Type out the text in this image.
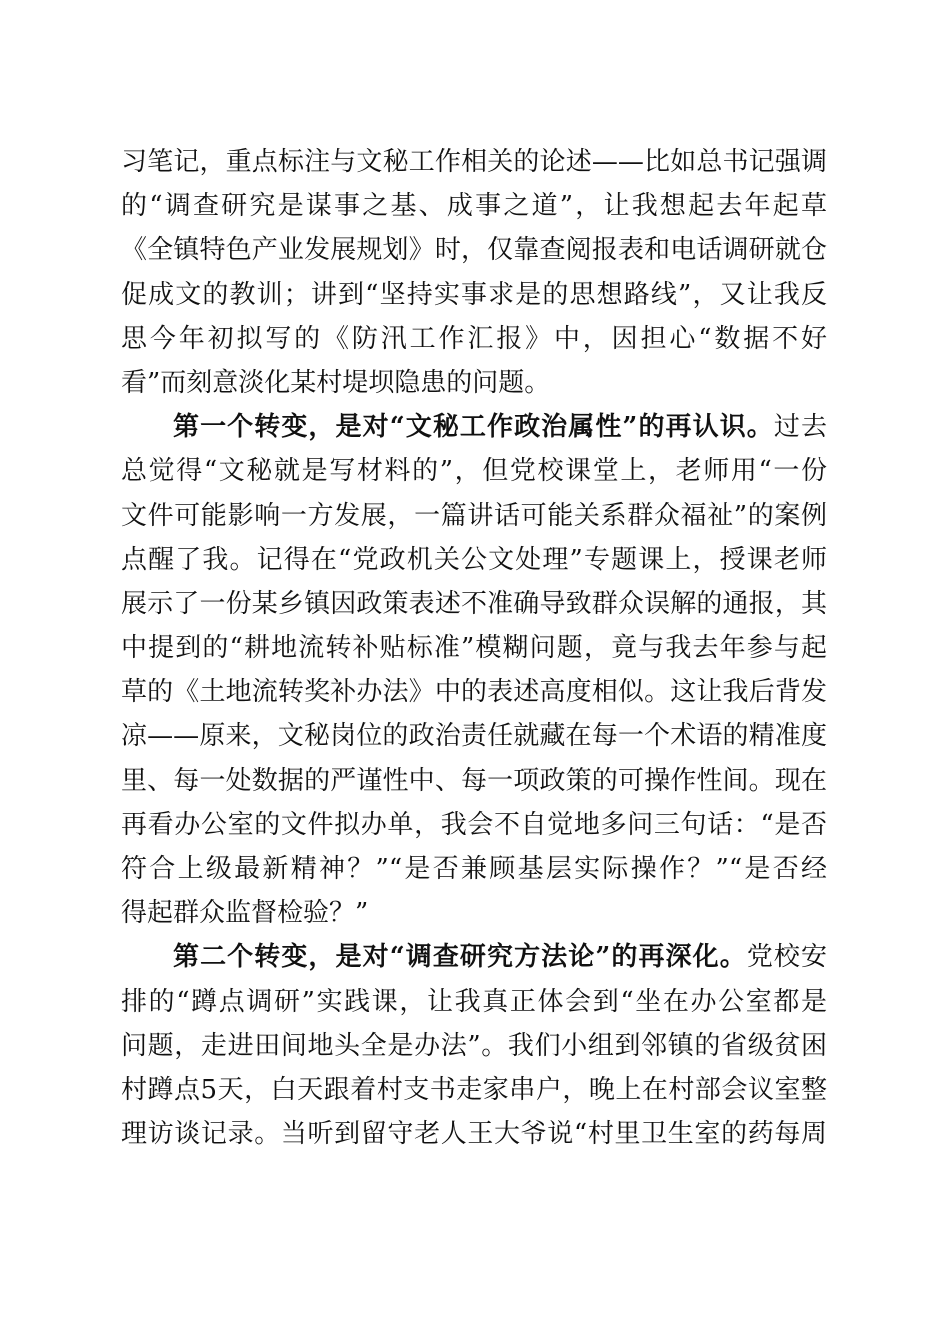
习笔记，重点标注与文秘工作相关的论述——比如总书记强调
的“调查研究是谋事之基、成事之道”，让我想起去年起草
《全镇特色产业发展规划》时，仅靠查阅报表和电话调研就仓
促成文的教训；讲到“坚持实事求是的思想路线”，又让我反
思今年初拟写的《防汛工作汇报》中，因担心“数据不好
看”而刻意淡化某村堤坝隐患的问题。
第一个转变，是对“文秘工作政治属性”的再认识。过去
总觉得“文秘就是写材料的”，但党校课堂上，老师用“一份
文件可能影响一方发展，一篇讲话可能关系群众福祉”的案例
点醒了我。记得在“党政机关公文处理”专题课上，授课老师
展示了一份某乡镇因政策表述不准确导致群众误解的通报，其
中提到的“耕地流转补贴标准”模糊问题，竟与我去年参与起
草的《土地流转奖补办法》中的表述高度相似。这让我后背发
凉——原来，文秘岗位的政治责任就藏在每一个术语的精准度
里、每一处数据的严谨性中、每一项政策的可操作性间。现在
再看办公室的文件拟办单，我会不自觉地多问三句话：“是否
符合上级最新精神？”“是否兼顾基层实际操作？”“是否经
得起群众监督检验？”
第二个转变，是对“调查研究方法论”的再深化。党校安
排的“蹲点调研”实践课，让我真正体会到“坐在办公室都是
问题，走进田间地头全是办法”。我们小组到邻镇的省级贫困
村蹲点5天，白天跟着村支书走家串户，晚上在村部会议室整
理访谈记录。当听到留守老人王大爷说“村里卫生室的药每周
